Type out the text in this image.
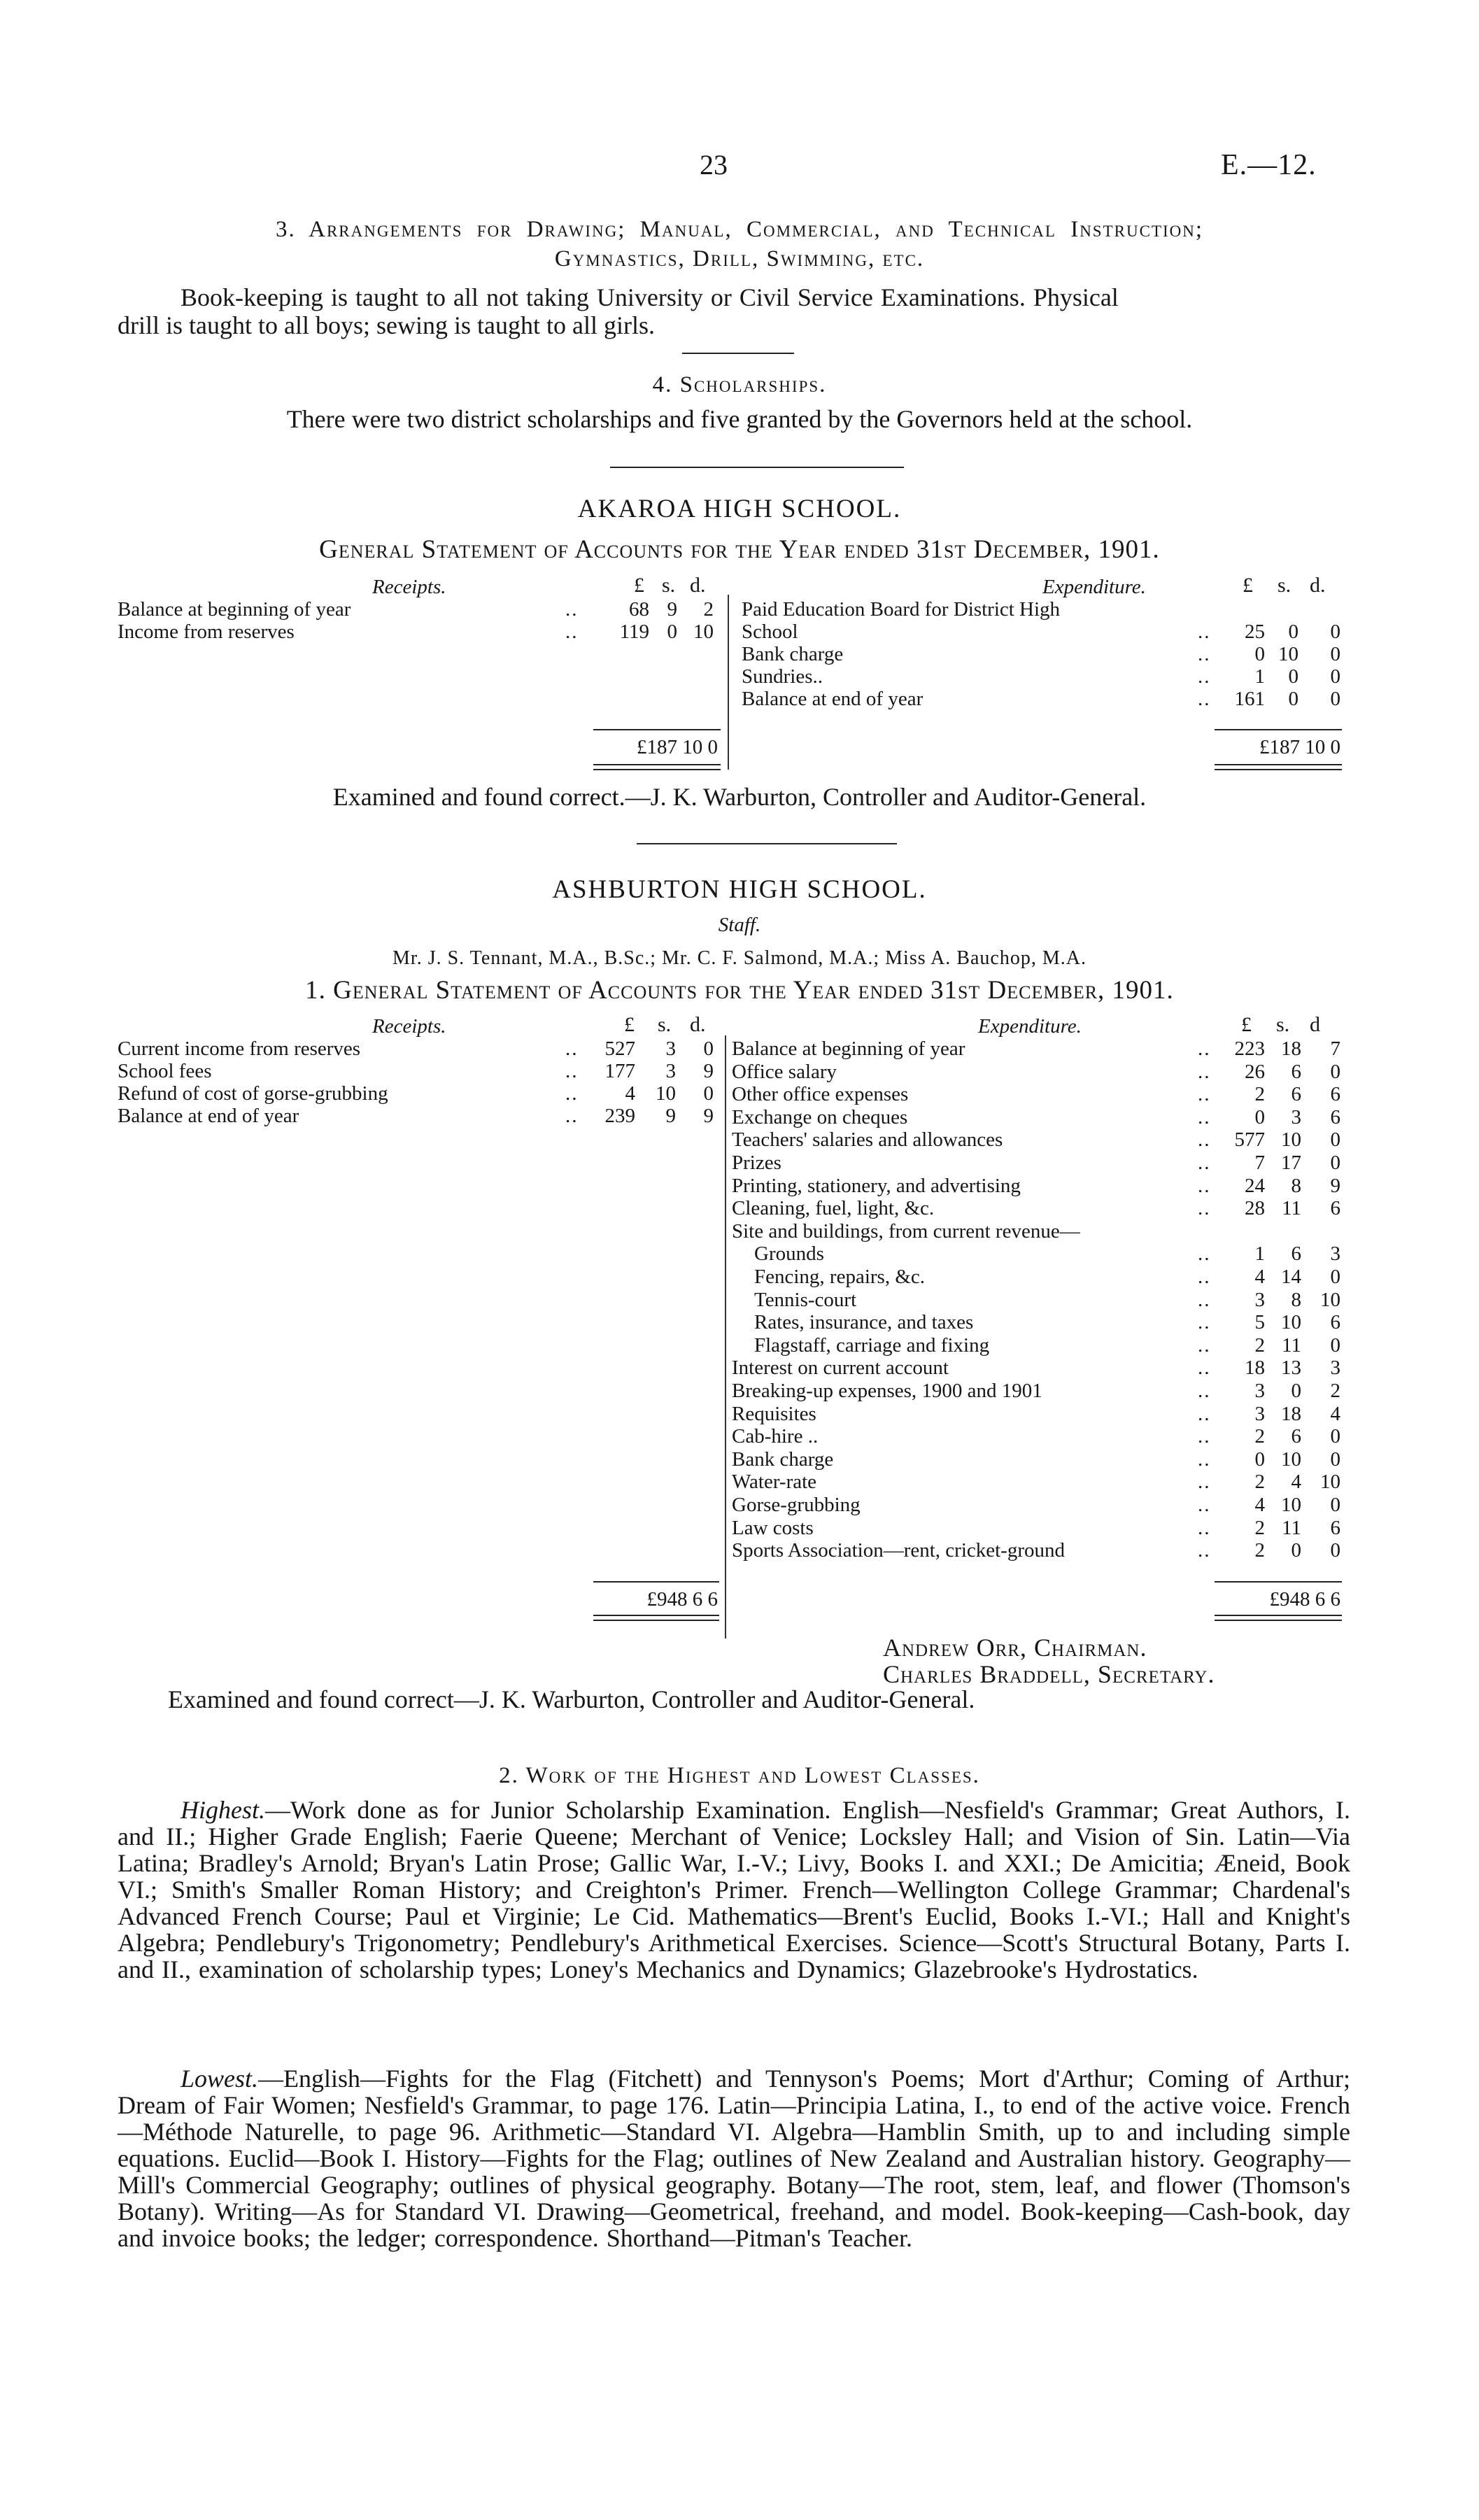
23	E.—12.
3. Arrangements for Drawing; Manual, Commercial, and Technical Instruction;
Gymnastics, Drill, Swimming, etc.
Book-keeping is taught to all not taking University or Civil Service Examinations. Physical
drill is taught to all boys; sewing is taught to all girls.
4. Scholarships.
There were two district scholarships and five granted by the Governors held at the school.
AKAROA HIGH SCHOOL.
General Statement of Accounts for the Year ended 31st December, 1901.
Receipts.	£ s. d.	Expenditure.	£ s. d.
Balance at beginning of year	..	68 9	2
Income from reserves	..	119 0 10
Paid Education Board for District High
School	..	25	0	0
Bank charge	..	0 10	0
Sundries..	..	1	0	0
Balance at end of year	..	161	0	0
£187 10 0	£187 10 0
Examined and found correct.—J. K. Warburton, Controller and Auditor-General.
ASHBURTON HIGH SCHOOL.
Staff.
Mr. J. S. Tennant, M.A., B.Sc.; Mr. C. F. Salmond, M.A.; Miss A. Bauchop, M.A.
1. General Statement of Accounts for the Year ended 31st December, 1901.
Receipts.	£ s. d.	Expenditure.	£ s. d
Current income from reserves	..	527	3	0
School fees	..	177	3	9
Refund of cost of gorse-grubbing	..	4	10	0
Balance at end of year	..	239	9	9
Balance at beginning of year	..	223 18	7
Office salary	..	26	6	0
Other office expenses	..	2	6	6
Exchange on cheques	..	0	3	6
Teachers' salaries and allowances	..	577 10	0
Prizes	..	7 17	0
Printing, stationery, and advertising	..	24	8	9
Cleaning, fuel, light, &c.	..	28 11	6
Site and buildings, from current revenue—
Grounds	..	1	6	3
Fencing, repairs, &c.	..	4 14	0
Tennis-court	..	3	8 10
Rates, insurance, and taxes	..	5 10	6
Flagstaff, carriage and fixing	..	2 11	0
Interest on current account	..	18 13	3
Breaking-up expenses, 1900 and 1901	..	3	0	2
Requisites	..	3 18	4
Cab-hire ..	..	2	6	0
Bank charge	..	0 10	0
Water-rate	..	2	4 10
Gorse-grubbing	..	4 10	0
Law costs	..	2 11	6
Sports Association—rent, cricket-ground	..	2	0	0
£948 6 6	£948 6 6
Andrew Orr, Chairman.
Charles Braddell, Secretary.
Examined and found correct—J. K. Warburton, Controller and Auditor-General.
2. Work of the Highest and Lowest Classes.
Highest.—Work done as for Junior Scholarship Examination. English—Nesfield's Grammar; Great Authors, I. and II.; Higher Grade English; Faerie Queene; Merchant of Venice; Locksley Hall; and Vision of Sin. Latin—Via Latina; Bradley's Arnold; Bryan's Latin Prose; Gallic War, I.-V.; Livy, Books I. and XXI.; De Amicitia; Æneid, Book VI.; Smith's Smaller Roman History; and Creighton's Primer. French—Wellington College Grammar; Chardenal's Advanced French Course; Paul et Virginie; Le Cid. Mathematics—Brent's Euclid, Books I.-VI.; Hall and Knight's Algebra; Pendlebury's Trigonometry; Pendlebury's Arithmetical Exercises. Science—Scott's Structural Botany, Parts I. and II., examination of scholarship types; Loney's Mechanics and Dynamics; Glazebrooke's Hydrostatics.
Lowest.—English—Fights for the Flag (Fitchett) and Tennyson's Poems; Mort d'Arthur; Coming of Arthur; Dream of Fair Women; Nesfield's Grammar, to page 176. Latin—Principia Latina, I., to end of the active voice. French—Méthode Naturelle, to page 96. Arithmetic—Standard VI. Algebra—Hamblin Smith, up to and including simple equations. Euclid—Book I. History—Fights for the Flag; outlines of New Zealand and Australian history. Geography—Mill's Commercial Geography; outlines of physical geography. Botany—The root, stem, leaf, and flower (Thomson's Botany). Writing—As for Standard VI. Drawing—Geometrical, freehand, and model. Book-keeping—Cash-book, day and invoice books; the ledger; correspondence. Shorthand—Pitman's Teacher.
